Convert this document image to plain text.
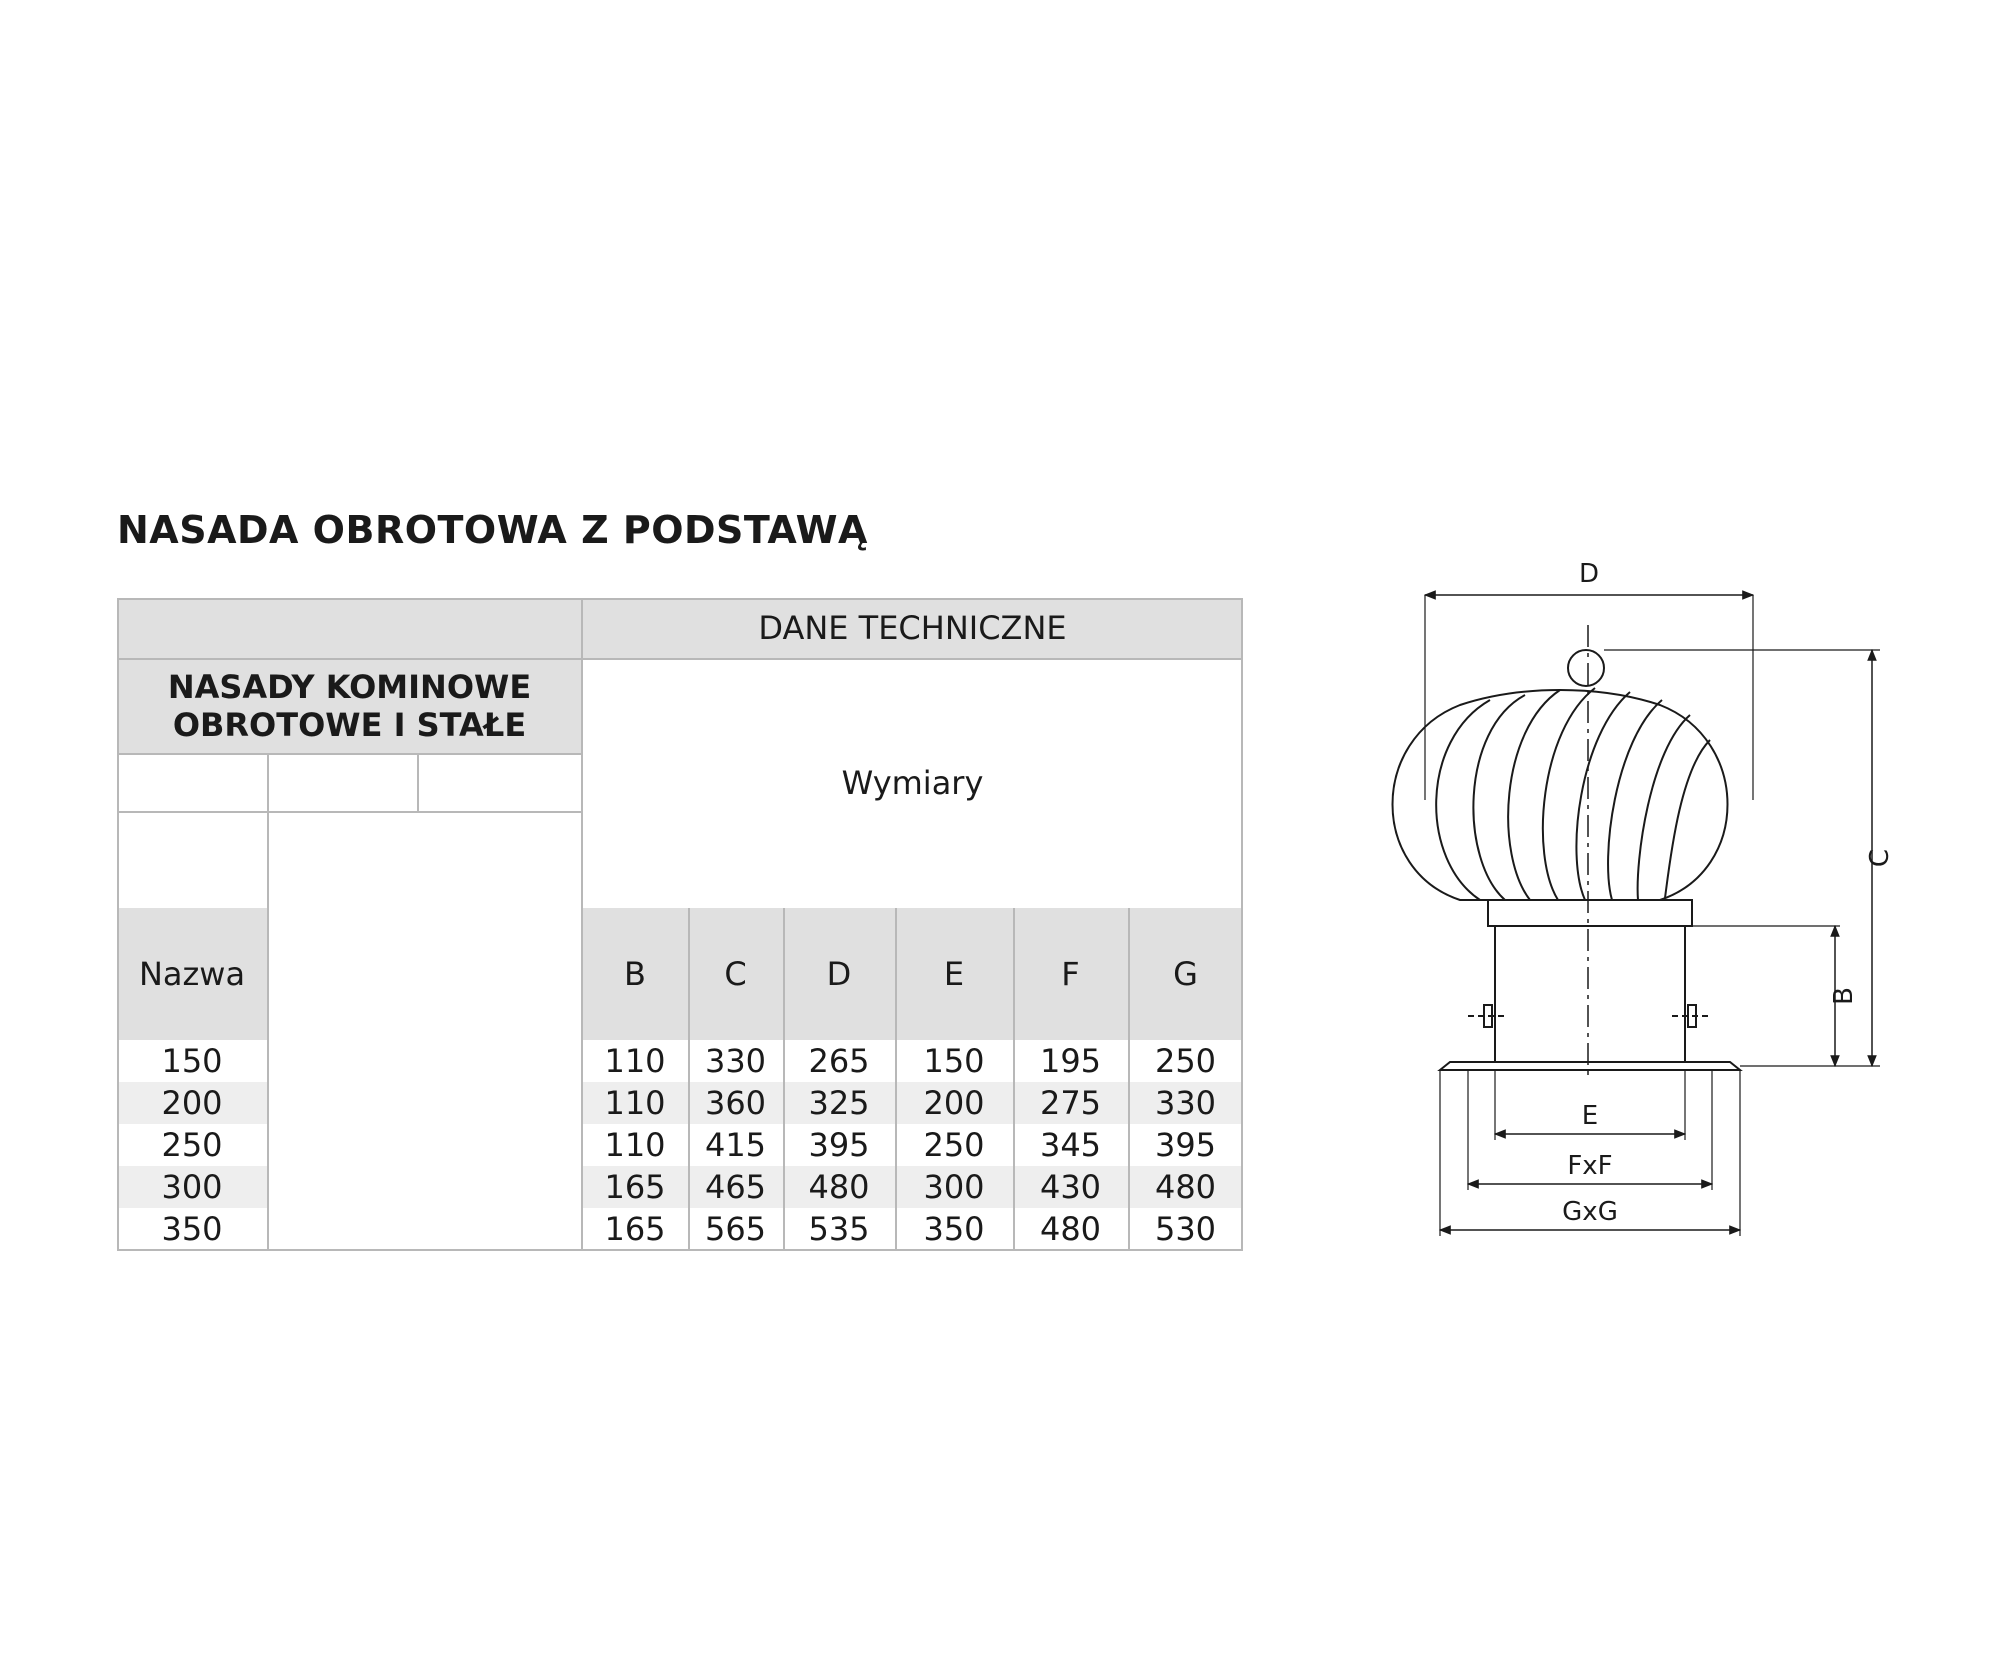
NASADA OBROTOWA Z PODSTAWĄ
DANE TECHNICZNE
NASADY KOMINOWE
OBROTOWE I STAŁE
Wymiary
Nazwa	B	C	D	E	F	G
150	110	330	265	150	195	250
200	110	360	325	200	275	330
250	110	415	395	250	345	395
300	165	465	480	300	430	480
350	165	565	535	350	480	530
D
C
B
E
FxF
GxG
